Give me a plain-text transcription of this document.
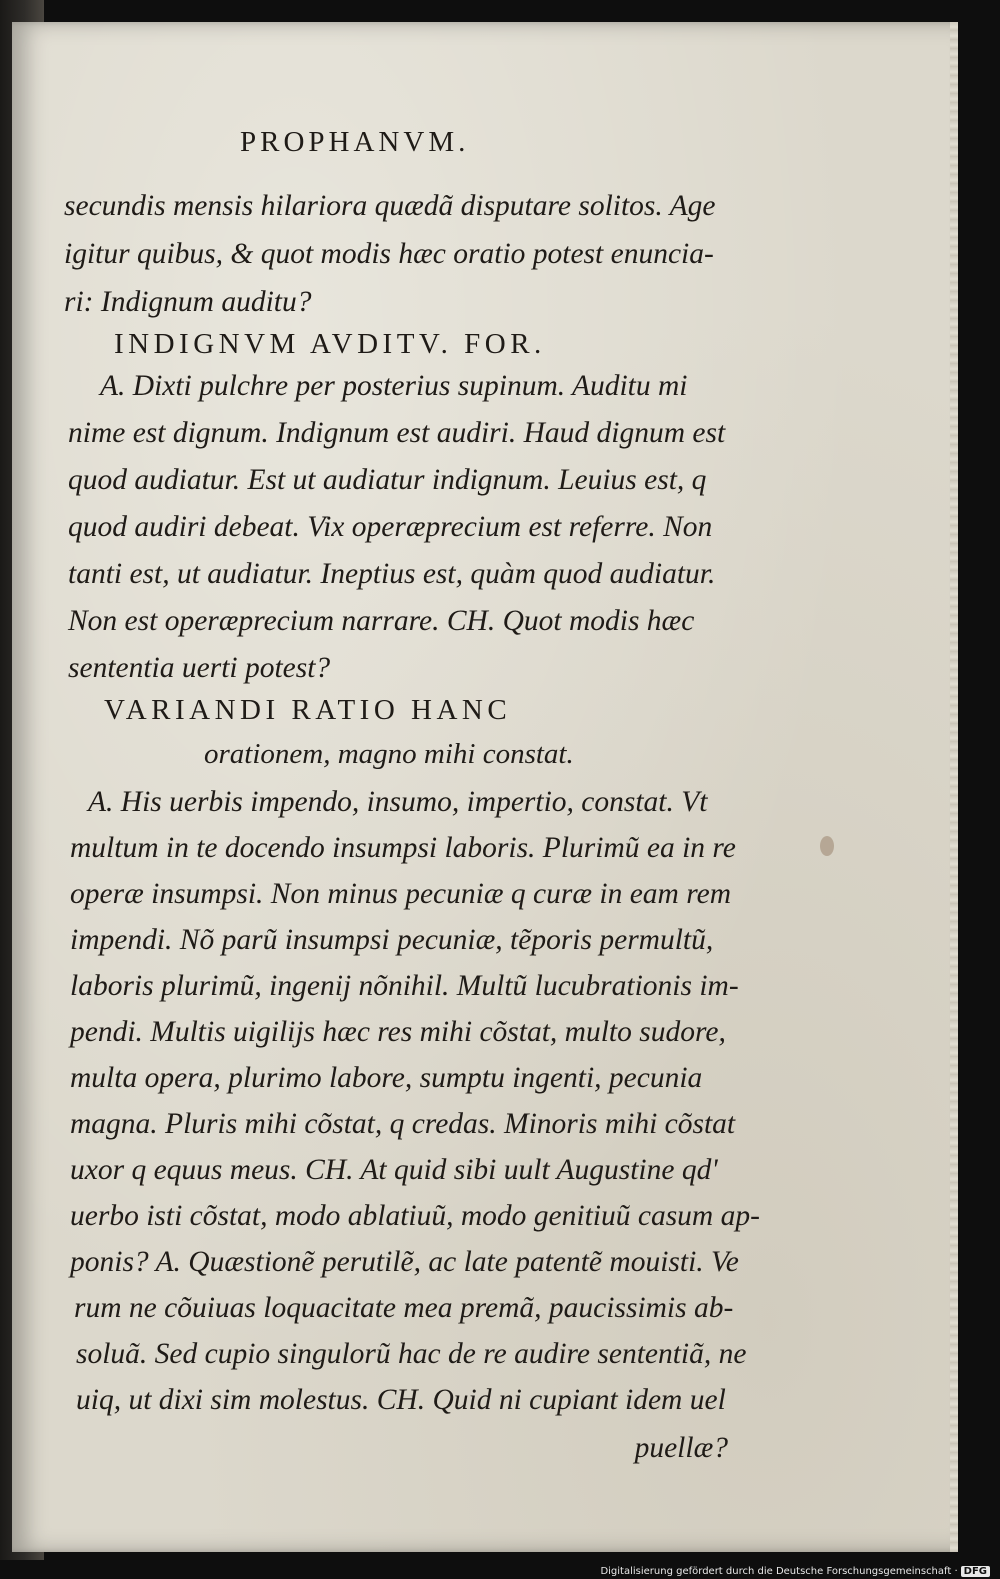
PROPHANVM.
secundis mensis hilariora quædã disputare solitos. Age
igitur quibus, & quot modis hæc oratio potest enuncia-
ri: Indignum auditu?
INDIGNVM AVDITV. FOR.
A. Dixti pulchre per posterius supinum. Auditu mi
nime est dignum. Indignum est audiri. Haud dignum est
quod audiatur. Est ut audiatur indignum. Leuius est, q
quod audiri debeat. Vix operæprecium est referre. Non
tanti est, ut audiatur. Ineptius est, quàm quod audiatur.
Non est operæprecium narrare. CH. Quot modis hæc
sententia uerti potest?
VARIANDI RATIO HANC
orationem, magno mihi constat.
A. His uerbis impendo, insumo, impertio, constat. Vt
multum in te docendo insumpsi laboris. Plurimũ ea in re
operæ insumpsi. Non minus pecuniæ q curæ in eam rem
impendi. Nõ parũ insumpsi pecuniæ, tẽporis permultũ,
laboris plurimũ, ingenij nõnihil. Multũ lucubrationis im-
pendi. Multis uigilijs hæc res mihi cõstat, multo sudore,
multa opera, plurimo labore, sumptu ingenti, pecunia
magna. Pluris mihi cõstat, q credas. Minoris mihi cõstat
uxor q equus meus. CH. At quid sibi uult Augustine qd'
uerbo isti cõstat, modo ablatiuũ, modo genitiuũ casum ap-
ponis? A. Quæstionẽ perutilẽ, ac late patentẽ mouisti. Ve
rum ne cõuiuas loquacitate mea premã, paucissimis ab-
soluã. Sed cupio singulorũ hac de re audire sententiã, ne
uiq, ut dixi sim molestus. CH. Quid ni cupiant idem uel
puellæ?
Digitalisierung gefördert durch die Deutsche Forschungsgemeinschaft · DFG
